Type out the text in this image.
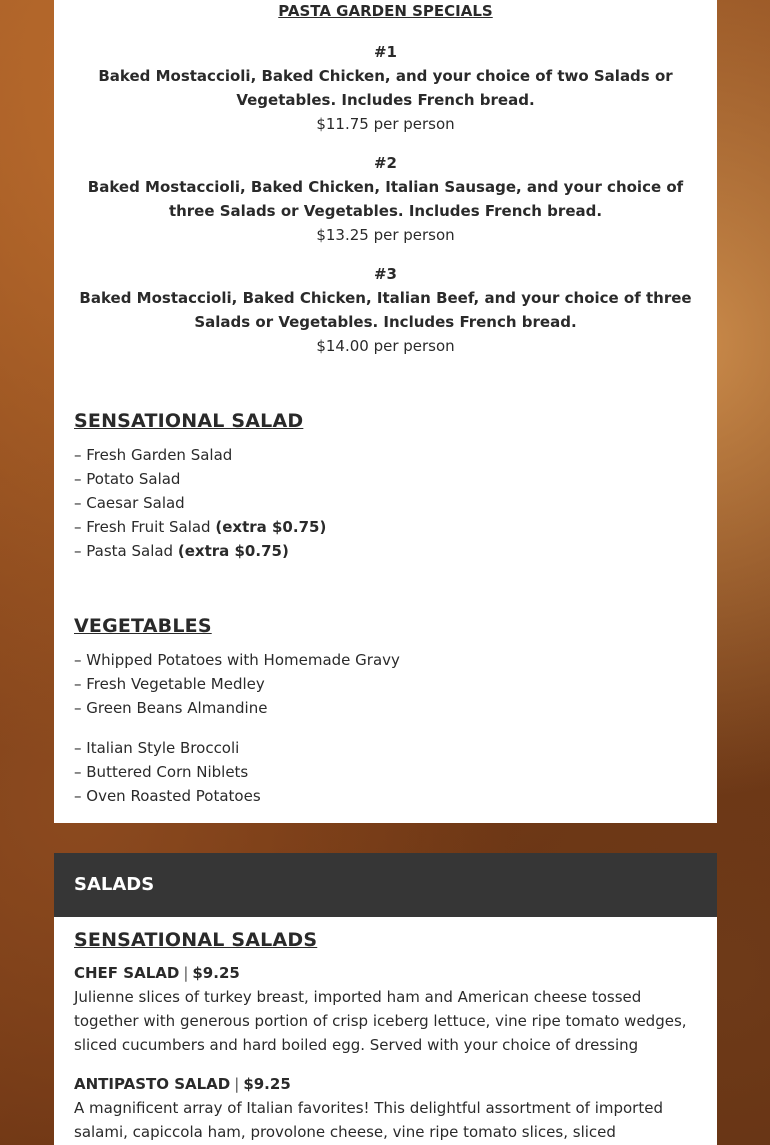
PASTA GARDEN SPECIALS
#1
Baked Mostaccioli, Baked Chicken, and your choice of two Salads or Vegetables. Includes French bread.
$11.75 per person
#2
Baked Mostaccioli, Baked Chicken, Italian Sausage, and your choice of three Salads or Vegetables. Includes French bread.
$13.25 per person
#3
Baked Mostaccioli, Baked Chicken, Italian Beef, and your choice of three Salads or Vegetables. Includes French bread.
$14.00 per person
SENSATIONAL SALAD
– Fresh Garden Salad
– Potato Salad
– Caesar Salad
– Fresh Fruit Salad (extra $0.75)
– Pasta Salad (extra $0.75)
VEGETABLES
– Whipped Potatoes with Homemade Gravy
– Fresh Vegetable Medley
– Green Beans Almandine
– Italian Style Broccoli
– Buttered Corn Niblets
– Oven Roasted Potatoes
SALADS
SENSATIONAL SALADS
CHEF SALAD | $9.25
Julienne slices of turkey breast, imported ham and American cheese tossed together with generous portion of crisp iceberg lettuce, vine ripe tomato wedges, sliced cucumbers and hard boiled egg. Served with your choice of dressing
ANTIPASTO SALAD | $9.25
A magnificent array of Italian favorites! This delightful assortment of imported salami, capiccola ham, provolone cheese, vine ripe tomato slices, sliced
